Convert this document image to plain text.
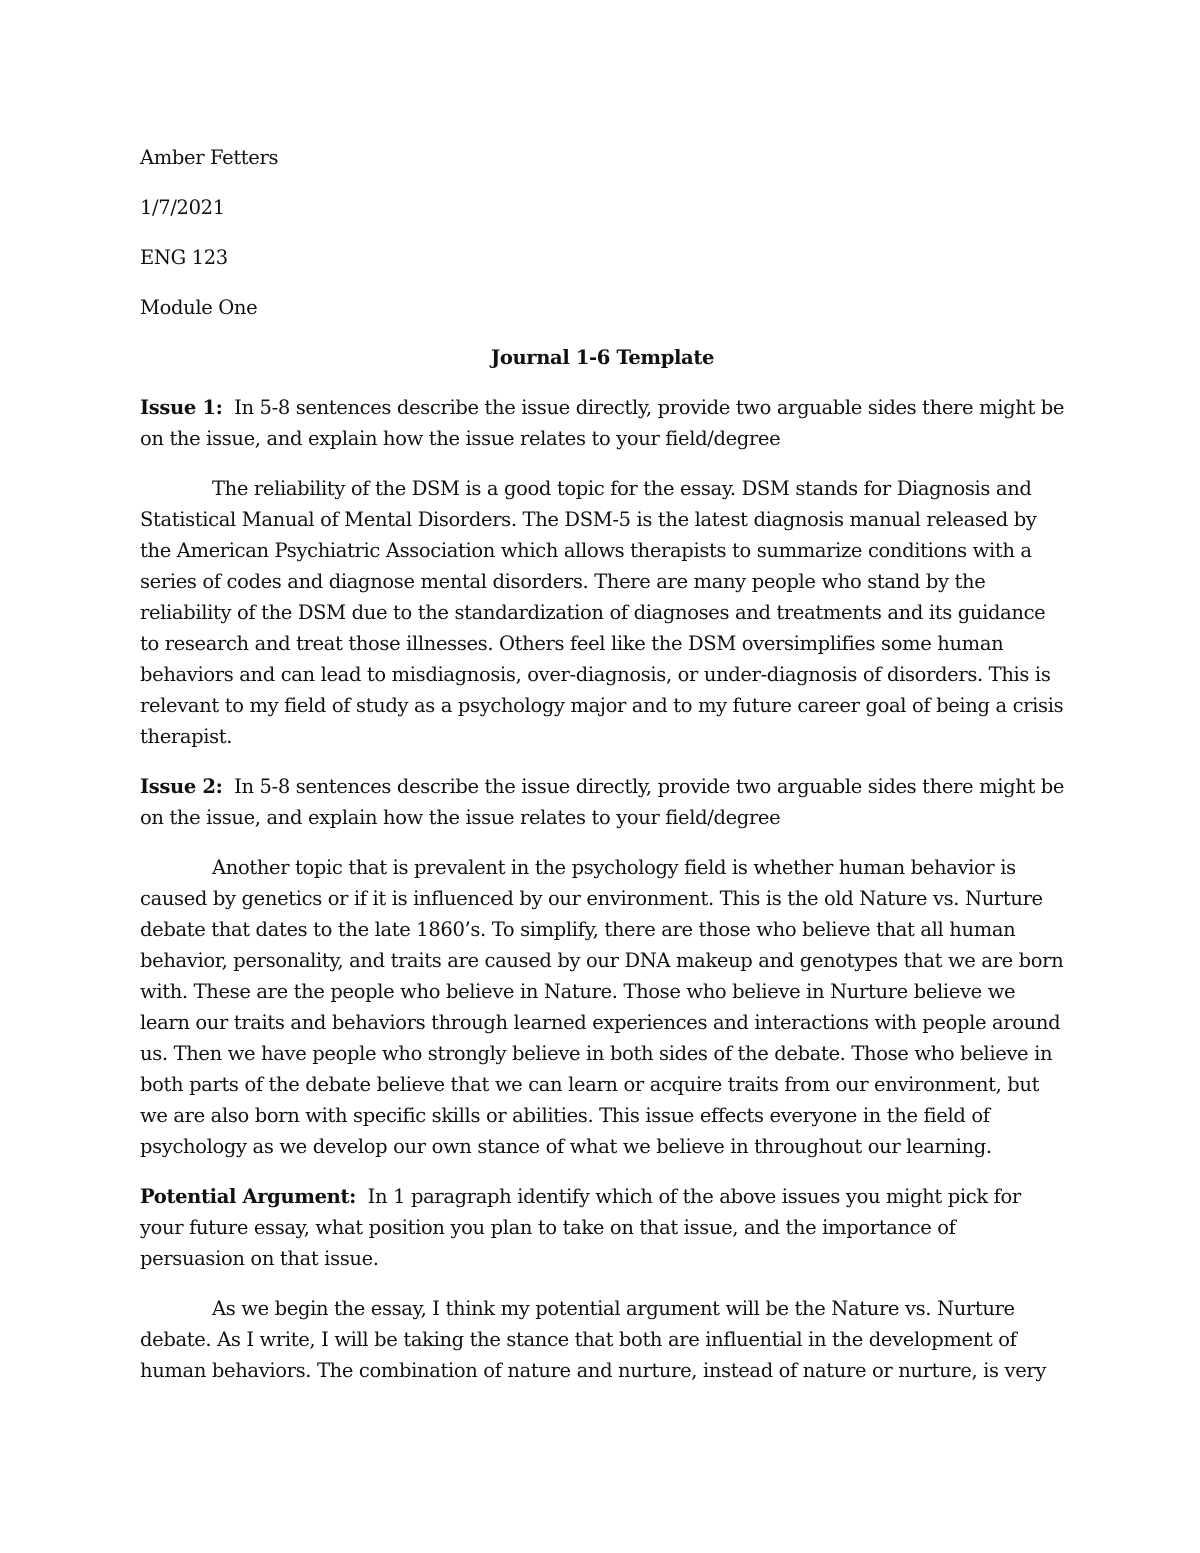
Amber Fetters
1/7/2021
ENG 123
Module One
Journal 1-6 Template
Issue 1:  In 5-8 sentences describe the issue directly, provide two arguable sides there might be on the issue, and explain how the issue relates to your field/degree
The reliability of the DSM is a good topic for the essay. DSM stands for Diagnosis and Statistical Manual of Mental Disorders. The DSM-5 is the latest diagnosis manual released by the American Psychiatric Association which allows therapists to summarize conditions with a series of codes and diagnose mental disorders. There are many people who stand by the reliability of the DSM due to the standardization of diagnoses and treatments and its guidance to research and treat those illnesses. Others feel like the DSM oversimplifies some human behaviors and can lead to misdiagnosis, over-diagnosis, or under-diagnosis of disorders. This is relevant to my field of study as a psychology major and to my future career goal of being a crisis therapist.
Issue 2:  In 5-8 sentences describe the issue directly, provide two arguable sides there might be on the issue, and explain how the issue relates to your field/degree
Another topic that is prevalent in the psychology field is whether human behavior is caused by genetics or if it is influenced by our environment. This is the old Nature vs. Nurture debate that dates to the late 1860’s. To simplify, there are those who believe that all human behavior, personality, and traits are caused by our DNA makeup and genotypes that we are born with. These are the people who believe in Nature. Those who believe in Nurture believe we learn our traits and behaviors through learned experiences and interactions with people around us. Then we have people who strongly believe in both sides of the debate. Those who believe in both parts of the debate believe that we can learn or acquire traits from our environment, but we are also born with specific skills or abilities. This issue effects everyone in the field of psychology as we develop our own stance of what we believe in throughout our learning.
Potential Argument:  In 1 paragraph identify which of the above issues you might pick for your future essay, what position you plan to take on that issue, and the importance of persuasion on that issue.
As we begin the essay, I think my potential argument will be the Nature vs. Nurture debate. As I write, I will be taking the stance that both are influential in the development of human behaviors. The combination of nature and nurture, instead of nature or nurture, is very
